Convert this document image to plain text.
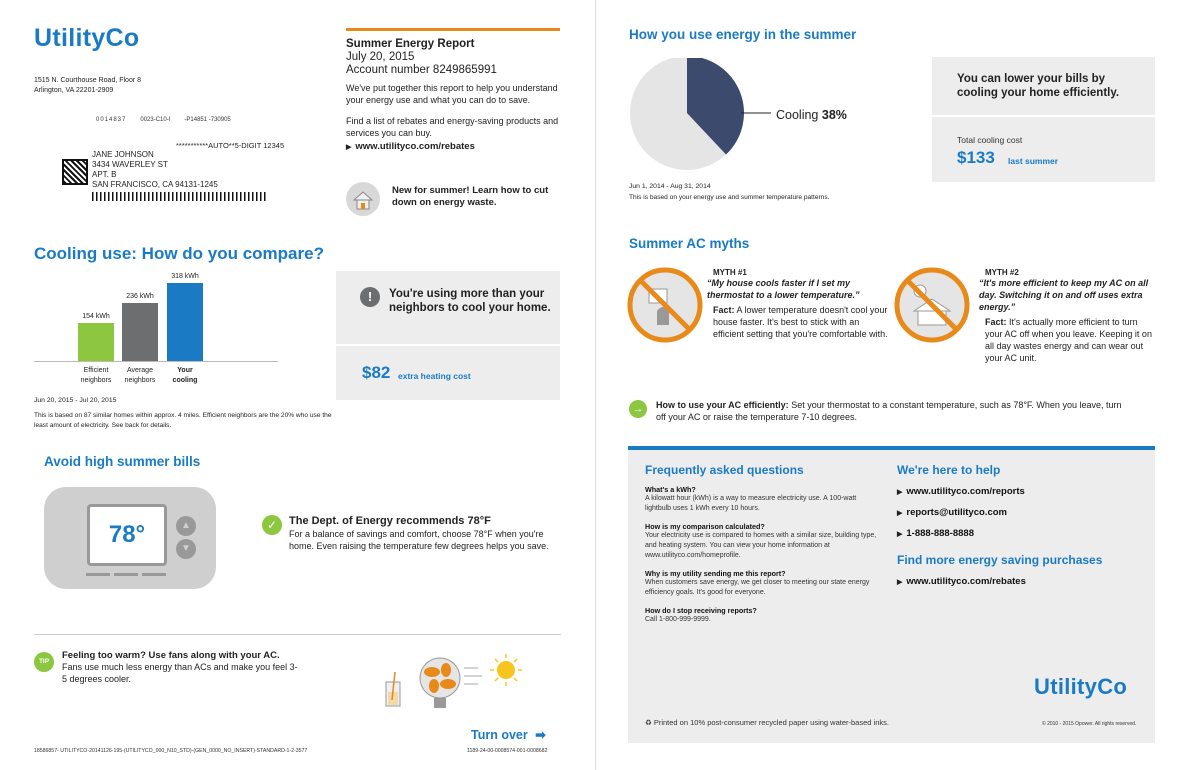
UtilityCo
1515 N. Courthouse Road, Floor 8
Arlington, VA 22201-2909
0014837 0023-C10-I -P14851 -730905
***********AUTO**5-DIGIT 12345
JANE JOHNSON
3434 WAVERLEY ST
APT. B
SAN FRANCISCO, CA 94131-1245
Summer Energy Report
July 20, 2015
Account number 8249865991
We've put together this report to help you understand your energy use and what you can do to save.
Find a list of rebates and energy-saving products and services you can buy.
▶ www.utilityco.com/rebates
New for summer! Learn how to cut down on energy waste.
Cooling use: How do you compare?
154 kWh
236 kWh
318 kWh
Efficient
neighbors
Average
neighbors
Your
cooling
Jun 20, 2015 - Jul 20, 2015
This is based on 87 similar homes within approx. 4 miles. Efficient neighbors are the 20% who use the least amount of electricity. See back for details.
!	You're using more than your neighbors to cool your home.
$82 extra heating cost
Avoid high summer bills
78°	▲
▼
✓	The Dept. of Energy recommends 78°F
For a balance of savings and comfort, choose 78°F when you're home. Even raising the temperature few degrees helps you save.
TIP
Feeling too warm? Use fans along with your AC.
Fans use much less energy than ACs and make you feel 3-5 degrees cooler.
Turn over ➡
18586857- UTILITYCO-20141126-195-(UTILITYCO_000_N10_STD)-(GEN_0000_NO_INSERT)-STANDARD-1-2-3577	1189-24-00-0008574-001-0008682
How you use energy in the summer
Cooling 38%
Jun 1, 2014 - Aug 31, 2014
This is based on your energy use and summer temperature patterns.
You can lower your bills by cooling your home efficiently.
Total cooling cost
$133 last summer
Summer AC myths
MYTH #1
“My house cools faster if I set my thermostat to a lower temperature.”
Fact: A lower temperature doesn't cool your house faster. It's best to stick with an efficient setting that you're comfortable with.
MYTH #2
“It's more efficient to keep my AC on all day. Switching it on and off uses extra energy.”
Fact: It's actually more efficient to turn your AC off when you leave. Keeping it on all day wastes energy and can wear out your AC unit.
→	How to use your AC efficiently: Set your thermostat to a constant temperature, such as 78°F. When you leave, turn off your AC or raise the temperature 7-10 degrees.
Frequently asked questions
What's a kWh?
A kilowatt hour (kWh) is a way to measure electricity use. A 100-watt lightbulb uses 1 kWh every 10 hours.
How is my comparison calculated?
Your electricity use is compared to homes with a similar size, building type, and heating system. You can view your home information at www.utilityco.com/homeprofile.
Why is my utility sending me this report?
When customers save energy, we get closer to meeting our state energy efficiency goals. It's good for everyone.
How do I stop receiving reports?
Call 1-800-999-9999.
We're here to help
▶ www.utilityco.com/reports
▶ reports@utilityco.com
▶ 1-888-888-8888
Find more energy saving purchases
▶ www.utilityco.com/rebates
UtilityCo
♻ Printed on 10% post-consumer recycled paper using water-based inks.	© 2010 - 2015 Opower. All rights reserved.
